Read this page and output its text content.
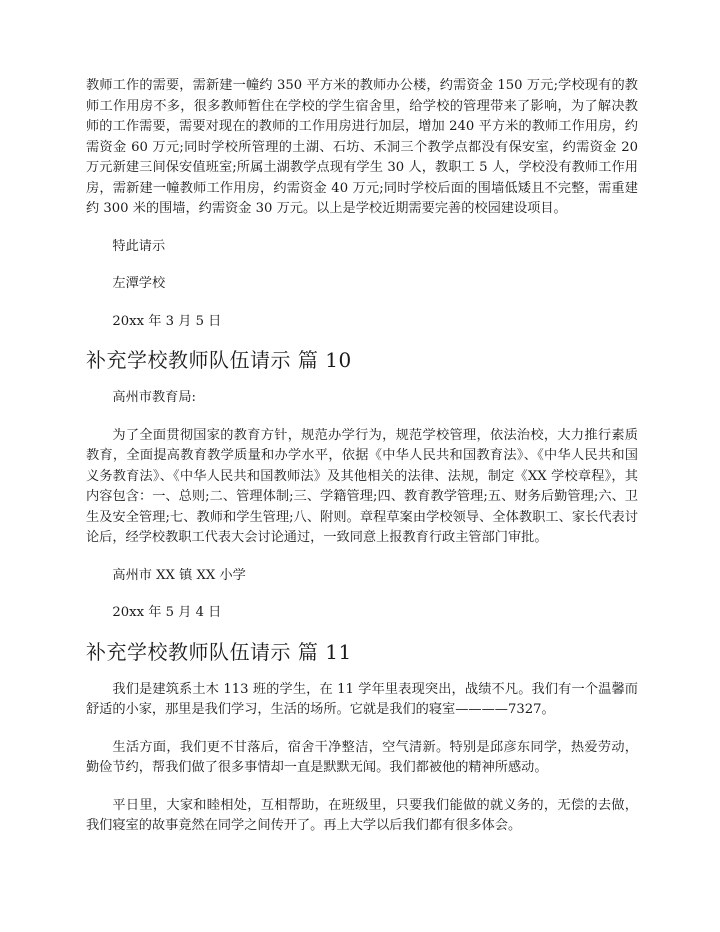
教师工作的需要，需新建一幢约 350 平方米的教师办公楼，约需资金 150 万元;学校现有的教师工作用房不多，很多教师暂住在学校的学生宿舍里，给学校的管理带来了影响，为了解决教师的工作需要，需要对现在的教师的工作用房进行加层，增加 240 平方米的教师工作用房，约需资金 60 万元;同时学校所管理的土湖、石坊、禾洞三个教学点都没有保安室，约需资金 20 万元新建三间保安值班室;所属土湖教学点现有学生 30 人，教职工 5 人，学校没有教师工作用房，需新建一幢教师工作用房，约需资金 40 万元;同时学校后面的围墙低矮且不完整，需重建约 300 米的围墙，约需资金 30 万元。以上是学校近期需要完善的校园建设项目。

特此请示

左潭学校

20xx 年 3 月 5 日

补充学校教师队伍请示 篇 10

高州市教育局:

为了全面贯彻国家的教育方针，规范办学行为，规范学校管理，依法治校，大力推行素质教育，全面提高教育教学质量和办学水平，依据《中华人民共和国教育法》、《中华人民共和国义务教育法》、《中华人民共和国教师法》及其他相关的法律、法规，制定《XX 学校章程》，其内容包含：一、总则;二、管理体制;三、学籍管理;四、教育教学管理;五、财务后勤管理;六、卫生及安全管理;七、教师和学生管理;八、附则。章程草案由学校领导、全体教职工、家长代表讨论后，经学校教职工代表大会讨论通过，一致同意上报教育行政主管部门审批。

高州市 XX 镇 XX 小学

20xx 年 5 月 4 日

补充学校教师队伍请示 篇 11

我们是建筑系土木 113 班的学生，在 11 学年里表现突出，战绩不凡。我们有一个温馨而舒适的小家，那里是我们学习，生活的场所。它就是我们的寝室————7327。

生活方面，我们更不甘落后，宿舍干净整洁，空气清新。特别是邱彦东同学，热爱劳动，勤俭节约，帮我们做了很多事情却一直是默默无闻。我们都被他的精神所感动。

平日里，大家和睦相处，互相帮助，在班级里，只要我们能做的就义务的，无偿的去做，我们寝室的故事竟然在同学之间传开了。再上大学以后我们都有很多体会。
